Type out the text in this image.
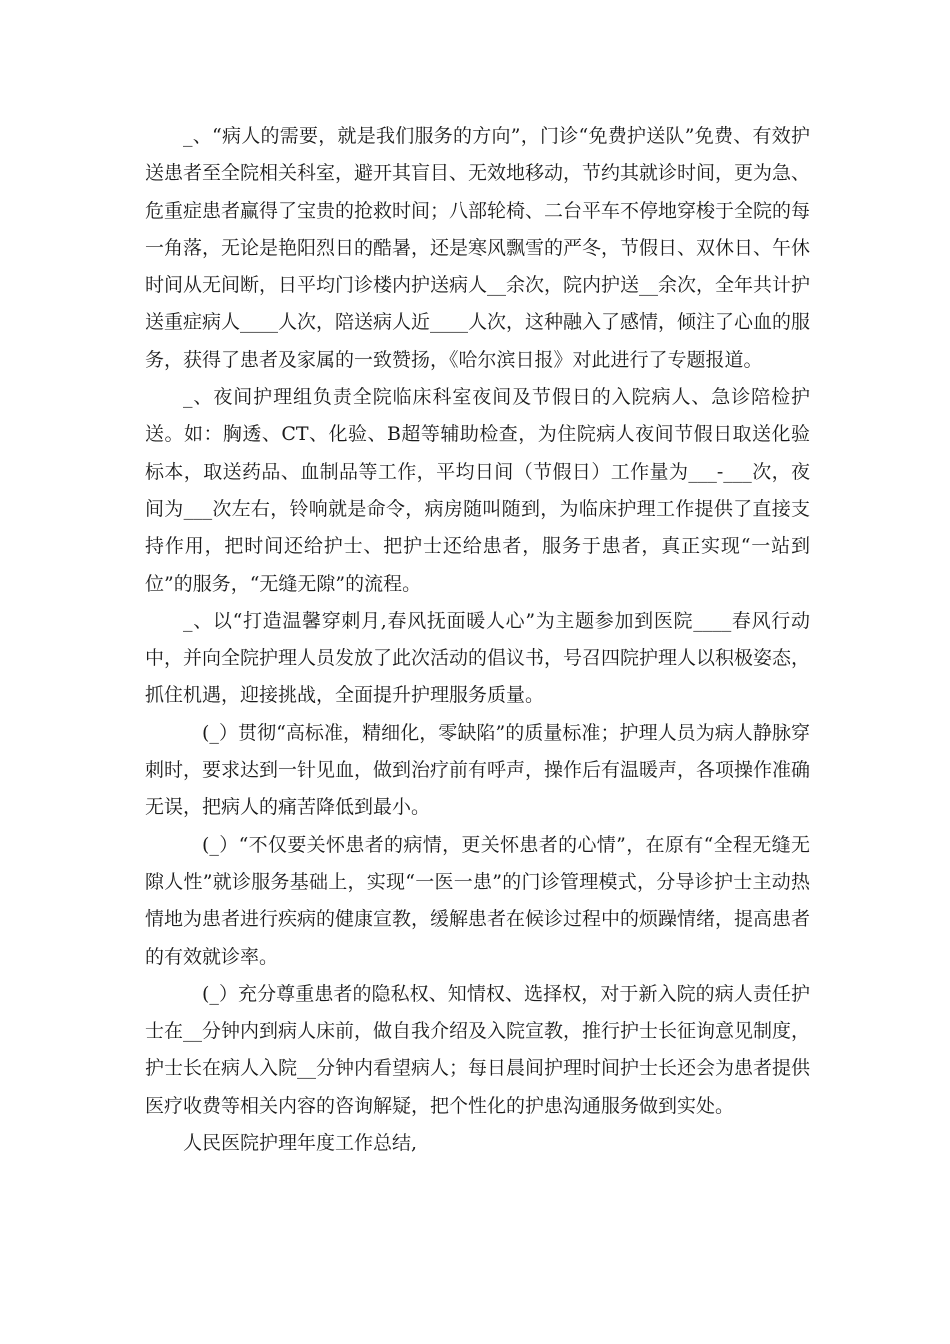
_、“病人的需要，就是我们服务的方向”，门诊“免费护送队”免费、有效护送患者至全院相关科室，避开其盲目、无效地移动，节约其就诊时间，更为急、危重症患者赢得了宝贵的抢救时间；八部轮椅、二台平车不停地穿梭于全院的每一角落，无论是艳阳烈日的酷暑，还是寒风飘雪的严冬，节假日、双休日、午休时间从无间断，日平均门诊楼内护送病人__余次，院内护送__余次，全年共计护送重症病人____人次，陪送病人近____人次，这种融入了感情，倾注了心血的服务，获得了患者及家属的一致赞扬，《哈尔滨日报》对此进行了专题报道。

_、夜间护理组负责全院临床科室夜间及节假日的入院病人、急诊陪检护送。如：胸透、CT、化验、B超等辅助检查，为住院病人夜间节假日取送化验标本，取送药品、血制品等工作，平均日间（节假日）工作量为___-___次，夜间为___次左右，铃响就是命令，病房随叫随到，为临床护理工作提供了直接支持作用，把时间还给护士、把护士还给患者，服务于患者，真正实现“一站到位”的服务，“无缝无隙”的流程。

_、以“打造温馨穿刺月,春风抚面暖人心”为主题参加到医院____春风行动中，并向全院护理人员发放了此次活动的倡议书，号召四院护理人以积极姿态，抓住机遇，迎接挑战，全面提升护理服务质量。

(_）贯彻“高标准，精细化，零缺陷”的质量标准；护理人员为病人静脉穿刺时，要求达到一针见血，做到治疗前有呼声，操作后有温暖声，各项操作准确无误，把病人的痛苦降低到最小。

(_）“不仅要关怀患者的病情，更关怀患者的心情”，在原有“全程无缝无隙人性”就诊服务基础上，实现“一医一患”的门诊管理模式，分导诊护士主动热情地为患者进行疾病的健康宣教，缓解患者在候诊过程中的烦躁情绪，提高患者的有效就诊率。

(_）充分尊重患者的隐私权、知情权、选择权，对于新入院的病人责任护士在__分钟内到病人床前，做自我介绍及入院宣教，推行护士长征询意见制度，护士长在病人入院__分钟内看望病人；每日晨间护理时间护士长还会为患者提供医疗收费等相关内容的咨询解疑，把个性化的护患沟通服务做到实处。

人民医院护理年度工作总结,
